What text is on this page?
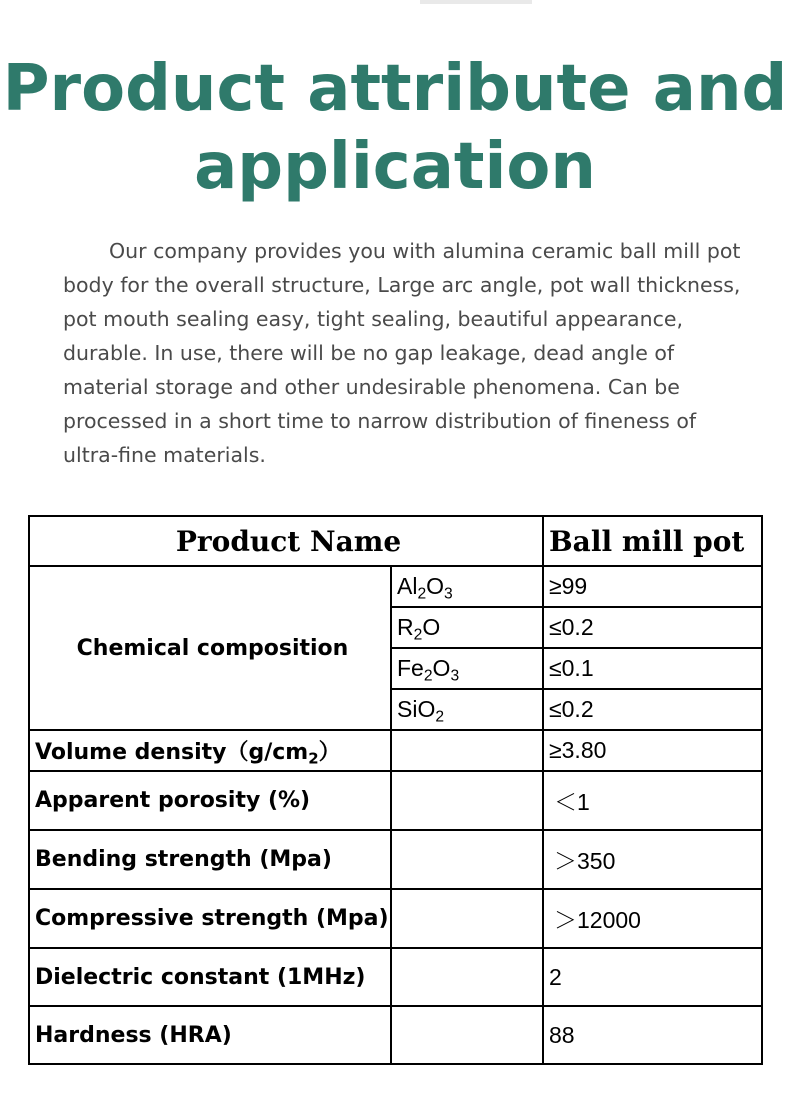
Product attribute and
application

Our company provides you with alumina ceramic ball mill pot body for the overall structure, Large arc angle, pot wall thickness, pot mouth sealing easy, tight sealing, beautiful appearance, durable. In use, there will be no gap leakage, dead angle of material storage and other undesirable phenomena. Can be processed in a short time to narrow distribution of fineness of ultra-fine materials.

Product Name		Ball mill pot
Chemical composition	$Al_2O_3$	≥99
	$R_2O$	≤0.2
	$Fe_2O_3$	≤0.1
	SiO$_2$	≤0.2
Volume $density(g/cm_2)$		≥3.80
Apparent porosity (%)		＜1
Bending strength (Mpa)		＞350
Compressive strength (Mpa)		＞12000
Dielectric constant (1MHz)		2
Hardness (HRA)		88
